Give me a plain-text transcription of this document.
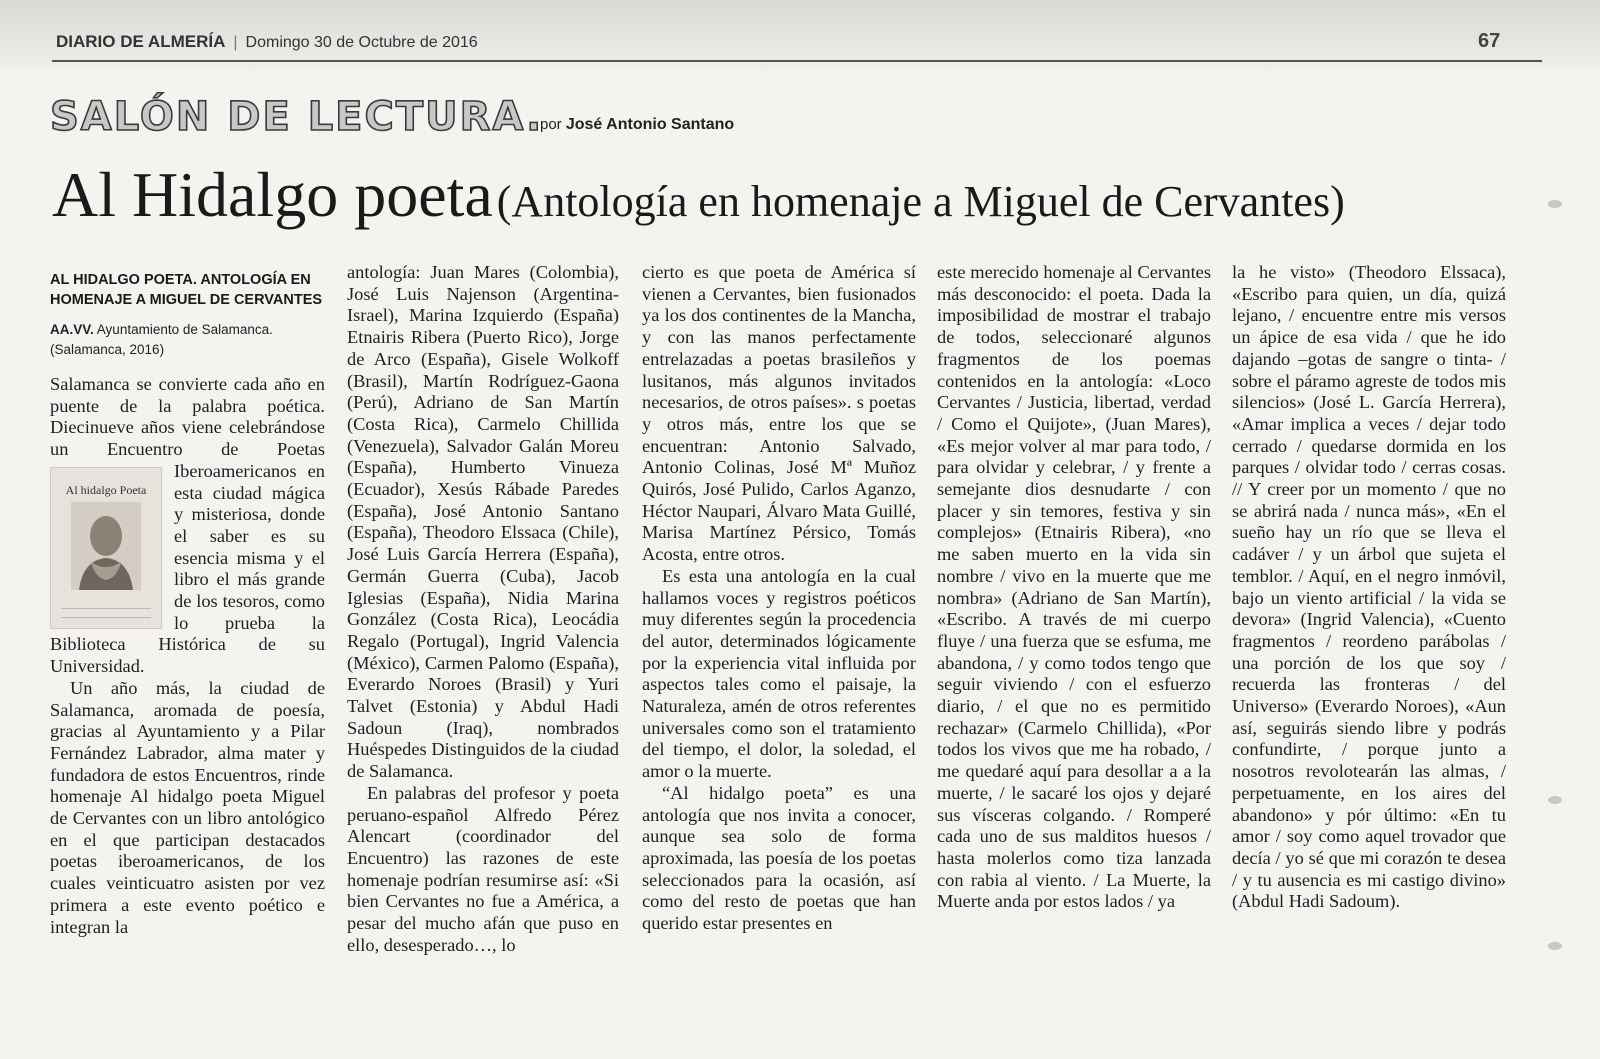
DIARIO DE ALMERÍA | Domingo 30 de Octubre de 2016	67
SALÓN DE LECTURA.
por José Antonio Santano
Al Hidalgo poeta (Antología en homenaje a Miguel de Cervantes)
AL HIDALGO POETA. ANTOLOGÍA EN HOMENAJE A MIGUEL DE CERVANTES
AA.VV. Ayuntamiento de Salamanca. (Salamanca, 2016)

Salamanca se convierte cada año en puente de la palabra poética. Diecinueve años viene celebrándose un Encuentro de Poetas
Al hidalgo Poeta
Iberoamericanos en esta ciudad mágica y misteriosa, donde el saber es su esencia misma y el libro el más grande de los tesoros, como lo prueba la Biblioteca Histórica de su Universidad.

Un año más, la ciudad de Salamanca, aromada de poesía, gracias al Ayuntamiento y a Pilar Fernández Labrador, alma mater y fundadora de estos Encuentros, rinde homenaje Al hidalgo poeta Miguel de Cervantes con un libro antológico en el que participan destacados poetas iberoamericanos, de los cuales veinticuatro asisten por vez primera a este evento poético e integran la

antología: Juan Mares (Colombia), José Luis Najenson (Argentina-Israel), Marina Izquierdo (España) Etnairis Ribera (Puerto Rico), Jorge de Arco (España), Gisele Wolkoff (Brasil), Martín Rodríguez-Gaona (Perú), Adriano de San Martín (Costa Rica), Carmelo Chillida (Venezuela), Salvador Galán Moreu (España), Humberto Vinueza (Ecuador), Xesús Rábade Paredes (España), José Antonio Santano (España), Theodoro Elssaca (Chile), José Luis García Herrera (España), Germán Guerra (Cuba), Jacob Iglesias (España), Nidia Marina González (Costa Rica), Leocádia Regalo (Portugal), Ingrid Valencia (México), Carmen Palomo (España), Everardo Noroes (Brasil) y Yuri Talvet (Estonia) y Abdul Hadi Sadoun (Iraq), nombrados Huéspedes Distinguidos de la ciudad de Salamanca.

En palabras del profesor y poeta peruano-español Alfredo Pérez Alencart (coordinador del Encuentro) las razones de este homenaje podrían resumirse así: «Si bien Cervantes no fue a América, a pesar del mucho afán que puso en ello, desesperado…, lo

cierto es que poeta de América sí vienen a Cervantes, bien fusionados ya los dos continentes de la Mancha, y con las manos perfectamente entrelazadas a poetas brasileños y lusitanos, más algunos invitados necesarios, de otros países». s poetas y otros más, entre los que se encuentran: Antonio Salvado, Antonio Colinas, José Mª Muñoz Quirós, José Pulido, Carlos Aganzo, Héctor Naupari, Álvaro Mata Guillé, Marisa Martínez Pérsico, Tomás Acosta, entre otros.

Es esta una antología en la cual hallamos voces y registros poéticos muy diferentes según la procedencia del autor, determinados lógicamente por la experiencia vital influida por aspectos tales como el paisaje, la Naturaleza, amén de otros referentes universales como son el tratamiento del tiempo, el dolor, la soledad, el amor o la muerte.

“Al hidalgo poeta” es una antología que nos invita a conocer, aunque sea solo de forma aproximada, las poesía de los poetas seleccionados para la ocasión, así como del resto de poetas que han querido estar presentes en

este merecido homenaje al Cervantes más desconocido: el poeta. Dada la imposibilidad de mostrar el trabajo de todos, seleccionaré algunos fragmentos de los poemas contenidos en la antología: «Loco Cervantes / Justicia, libertad, verdad / Como el Quijote», (Juan Mares), «Es mejor volver al mar para todo, / para olvidar y celebrar, / y frente a semejante dios desnudarte / con placer y sin temores, festiva y sin complejos» (Etnairis Ribera), «no me saben muerto en la vida sin nombre / vivo en la muerte que me nombra» (Adriano de San Martín), «Escribo. A través de mi cuerpo fluye / una fuerza que se esfuma, me abandona, / y como todos tengo que seguir viviendo / con el esfuerzo diario, / el que no es permitido rechazar» (Carmelo Chillida), «Por todos los vivos que me ha robado, / me quedaré aquí para desollar a a la muerte, / le sacaré los ojos y dejaré sus vísceras colgando. / Romperé cada uno de sus malditos huesos / hasta molerlos como tiza lanzada con rabia al viento. / La Muerte, la Muerte anda por estos lados / ya

la he visto» (Theodoro Elssaca), «Escribo para quien, un día, quizá lejano, / encuentre entre mis versos un ápice de esa vida / que he ido dajando –gotas de sangre o tinta- / sobre el páramo agreste de todos mis silencios» (José L. García Herrera), «Amar implica a veces / dejar todo cerrado / quedarse dormida en los parques / olvidar todo / cerras cosas. // Y creer por un momento / que no se abrirá nada / nunca más», «En el sueño hay un río que se lleva el cadáver / y un árbol que sujeta el temblor. / Aquí, en el negro inmóvil, bajo un viento artificial / la vida se devora» (Ingrid Valencia), «Cuento fragmentos / reordeno parábolas / una porción de los que soy / recuerda las fronteras / del Universo» (Everardo Noroes), «Aun así, seguirás siendo libre y podrás confundirte, / porque junto a nosotros revolotearán las almas, / perpetuamente, en los aires del abandono» y pór último: «En tu amor / soy como aquel trovador que decía / yo sé que mi corazón te desea / y tu ausencia es mi castigo divino» (Abdul Hadi Sadoum).
